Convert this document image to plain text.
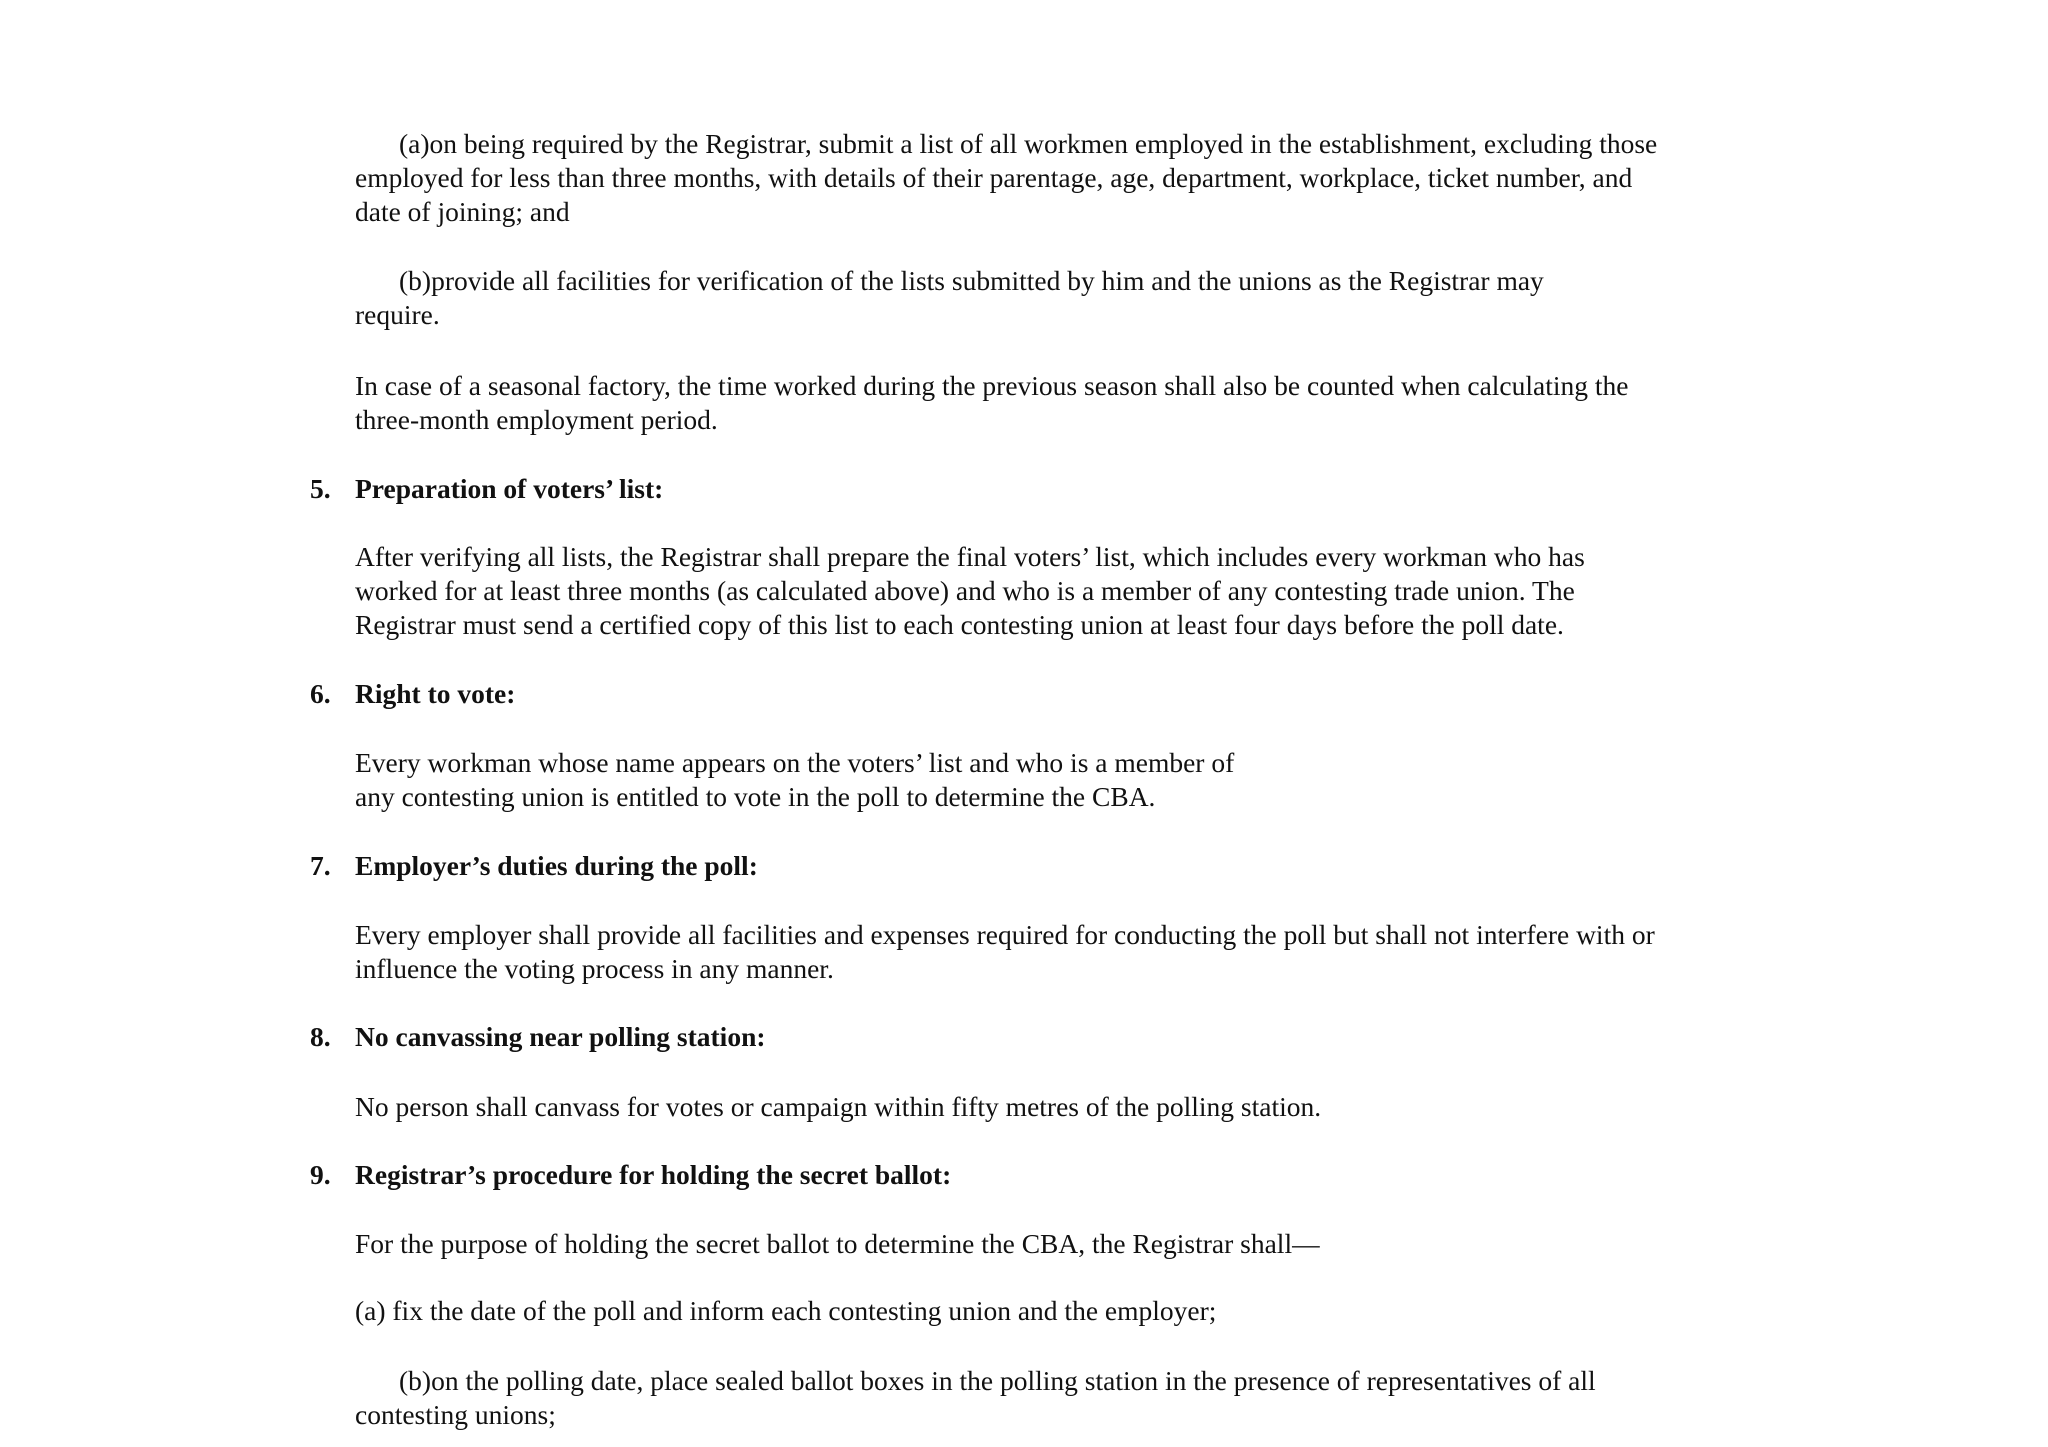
(a)on being required by the Registrar, submit a list of all workmen employed in the establishment, excluding those
employed for less than three months, with details of their parentage, age, department, workplace, ticket number, and
date of joining; and

(b)provide all facilities for verification of the lists submitted by him and the unions as the Registrar may
require.

In case of a seasonal factory, the time worked during the previous season shall also be counted when calculating the
three-month employment period.

5. Preparation of voters’ list:

After verifying all lists, the Registrar shall prepare the final voters’ list, which includes every workman who has
worked for at least three months (as calculated above) and who is a member of any contesting trade union. The
Registrar must send a certified copy of this list to each contesting union at least four days before the poll date.

6. Right to vote:

Every workman whose name appears on the voters’ list and who is a member of
any contesting union is entitled to vote in the poll to determine the CBA.

7. Employer’s duties during the poll:

Every employer shall provide all facilities and expenses required for conducting the poll but shall not interfere with or
influence the voting process in any manner.

8. No canvassing near polling station:

No person shall canvass for votes or campaign within fifty metres of the polling station.

9. Registrar’s procedure for holding the secret ballot:

For the purpose of holding the secret ballot to determine the CBA, the Registrar shall—

(a) fix the date of the poll and inform each contesting union and the employer;

(b)on the polling date, place sealed ballot boxes in the polling station in the presence of representatives of all
contesting unions;
